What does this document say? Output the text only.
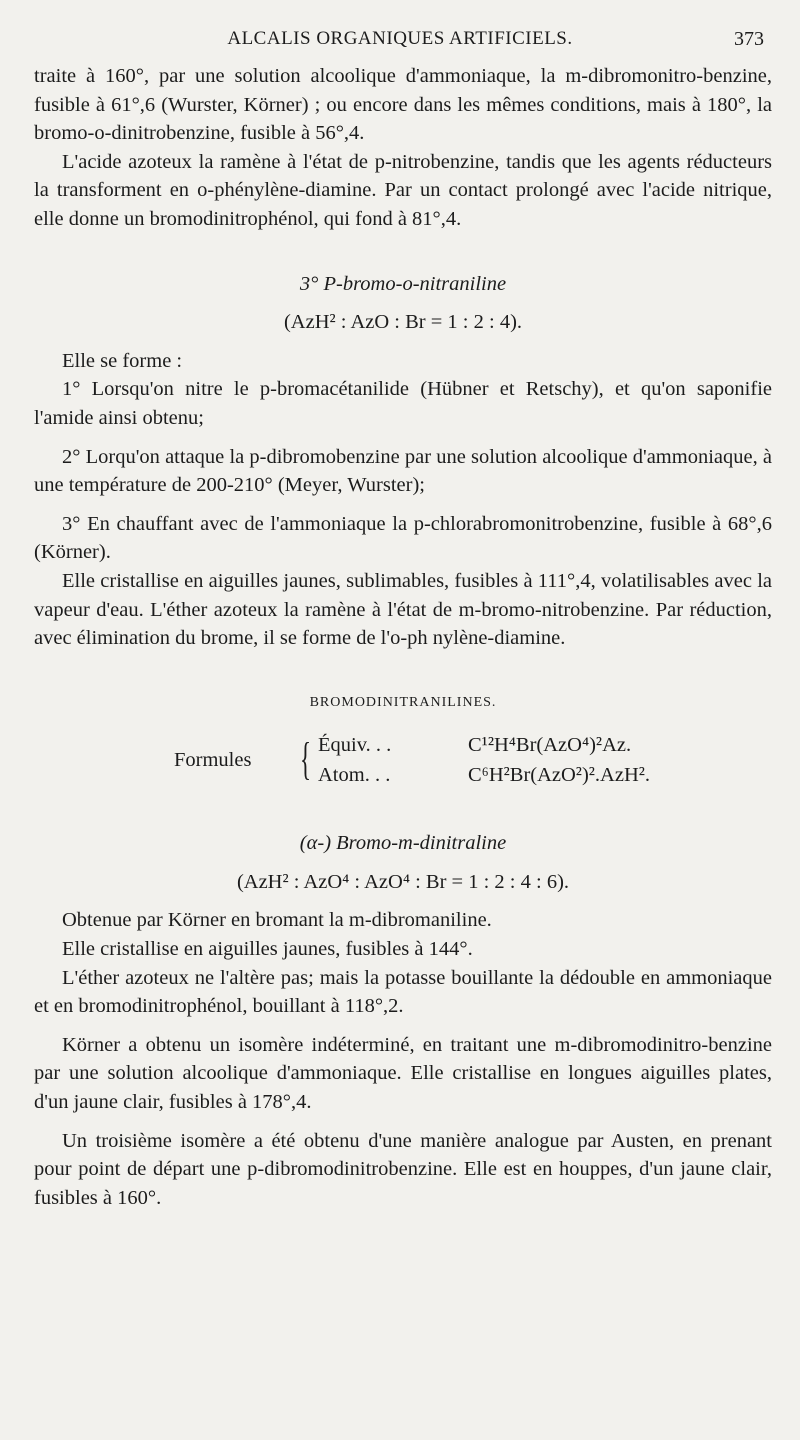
ALCALIS ORGANIQUES ARTIFICIELS.	373

traite à 160°, par une solution alcoolique d'ammoniaque, la m-dibromonitro-benzine, fusible à 61°,6 (Wurster, Körner) ; ou encore dans les mêmes conditions, mais à 180°, la bromo-o-dinitrobenzine, fusible à 56°,4.

L'acide azoteux la ramène à l'état de p-nitrobenzine, tandis que les agents réducteurs la transforment en o-phénylène-diamine. Par un contact prolongé avec l'acide nitrique, elle donne un bromodinitrophénol, qui fond à 81°,4.

3° P-bromo-o-nitraniline

(AzH² : AzO : Br = 1 : 2 : 4).

Elle se forme :

1° Lorsqu'on nitre le p-bromacétanilide (Hübner et Retschy), et qu'on saponifie l'amide ainsi obtenu;

2° Lorqu'on attaque la p-dibromobenzine par une solution alcoolique d'ammoniaque, à une température de 200-210° (Meyer, Wurster);

3° En chauffant avec de l'ammoniaque la p-chlorabromonitrobenzine, fusible à 68°,6 (Körner).

Elle cristallise en aiguilles jaunes, sublimables, fusibles à 111°,4, volatilisables avec la vapeur d'eau. L'éther azoteux la ramène à l'état de m-bromo-nitrobenzine. Par réduction, avec élimination du brome, il se forme de l'o-ph nylène-diamine.

BROMODINITRANILINES.

Formules { Équiv. . .	C¹²H⁴Br(AzO⁴)²Az.
Atom. . .	C⁶H²Br(AzO²)².AzH².

(α-) Bromo-m-dinitraline

(AzH² : AzO⁴ : AzO⁴ : Br = 1 : 2 : 4 : 6).

Obtenue par Körner en bromant la m-dibromaniline.

Elle cristallise en aiguilles jaunes, fusibles à 144°.

L'éther azoteux ne l'altère pas; mais la potasse bouillante la dédouble en ammoniaque et en bromodinitrophénol, bouillant à 118°,2.

Körner a obtenu un isomère indéterminé, en traitant une m-dibromodinitro-benzine par une solution alcoolique d'ammoniaque. Elle cristallise en longues aiguilles plates, d'un jaune clair, fusibles à 178°,4.

Un troisième isomère a été obtenu d'une manière analogue par Austen, en prenant pour point de départ une p-dibromodinitrobenzine. Elle est en houppes, d'un jaune clair, fusibles à 160°.
